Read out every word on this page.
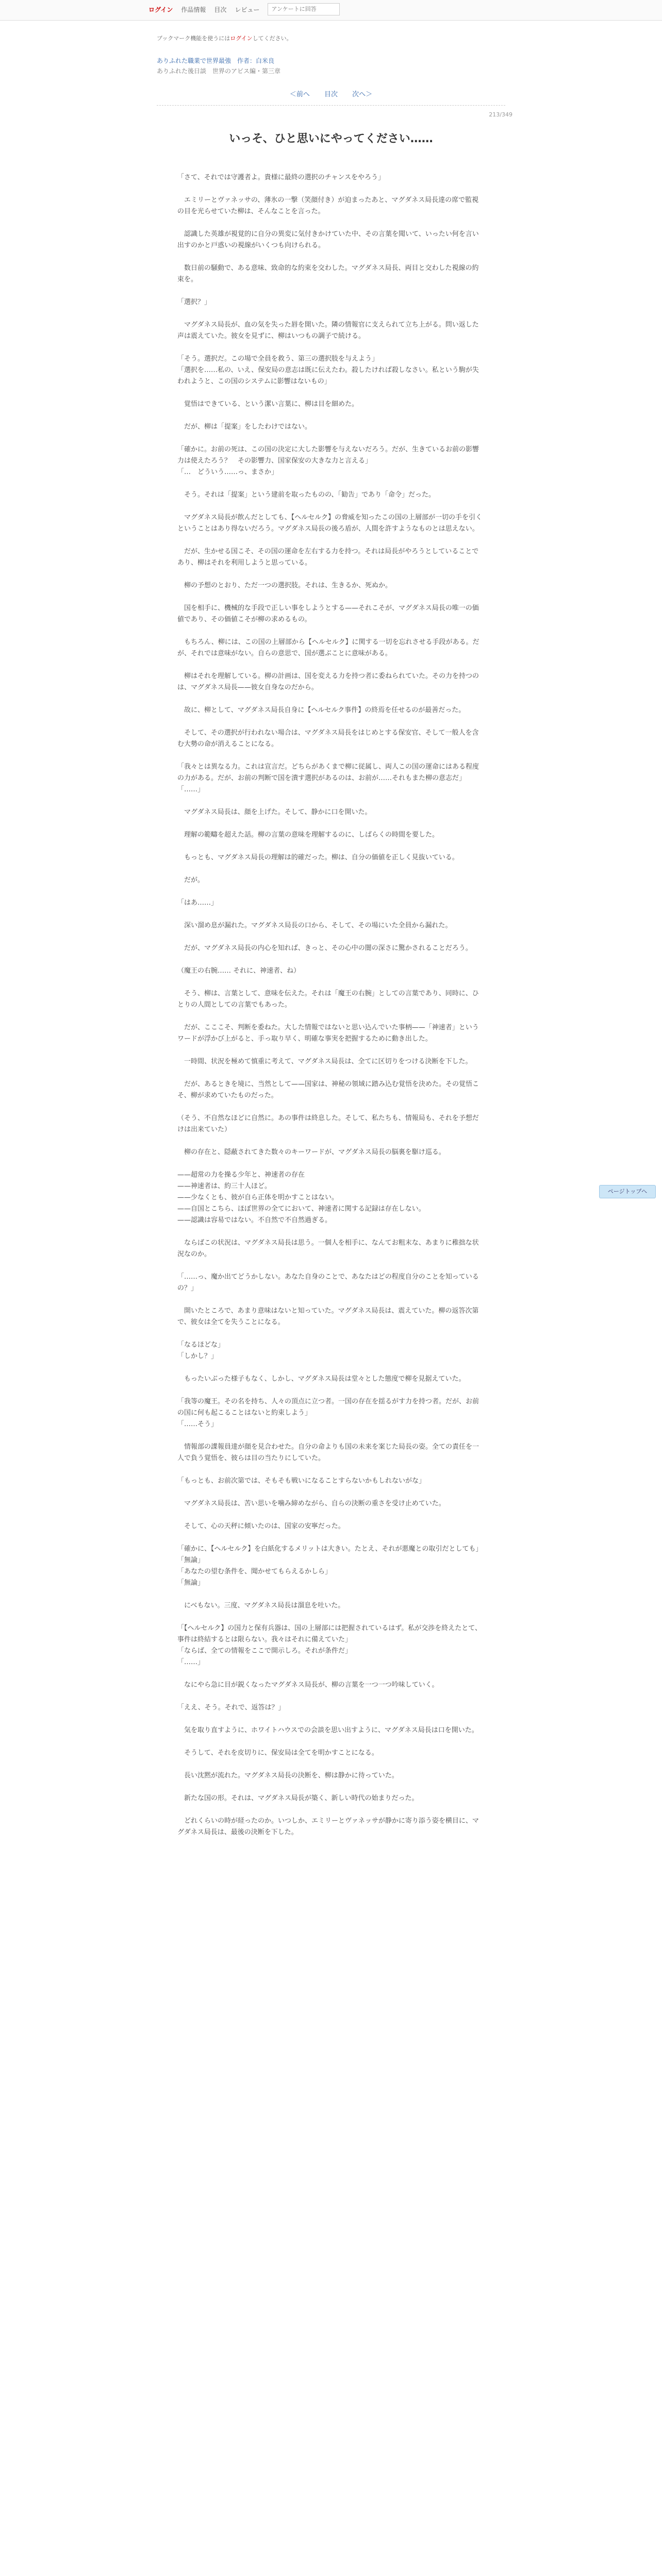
ログイン 作品情報 目次 レビュー
アンケートに回答
ブックマーク機能を使うにはログインしてください。
ありふれた職業で世界最強　 作者：白米良
ありふれた後日談　世界のアビス編・第三章
＜前へ 目次 次へ＞
213/349
いっそ、ひと思いにやってください……

「さて、それでは守護者よ。貴様に最終の選択のチャンスをやろう」

エミリーとヴァネッサの、薄氷の一撃（笑顔付き）が迫まったあと、マグダネス局長達の席で監視の目を光らせていた柳は、そんなことを言った。

認識した英雄が視覚的に自分の異変に気付きかけていた中、その言葉を聞いて、いったい何を言い出すのかと戸惑いの視線がいくつも向けられる。

数日前の騒動で、ある意味、致命的な約束を交わした。マグダネス局長、両目と交わした視線の約束を。

「選択？」

マグダネス局長が、血の気を失った唇を開いた。隣の情報官に支えられて立ち上がる。問い返した声は震えていた。彼女を見ずに、柳はいつもの調子で続ける。

「そう。選択だ。この場で全員を救う、第三の選択肢を与えよう」
「選択を……私の、いえ、保安局の意志は既に伝えたわ。殺したければ殺しなさい。私という駒が失われようと、この国のシステムに影響はないもの」

覚悟はできている、という潔い言葉に、柳は目を細めた。

だが、柳は「提案」をしたわけではない。

「確かに。お前の死は、この国の決定に大した影響を与えないだろう。だが、生きているお前の影響力は使えたろう？　その影響力、国家保安の大きな力と言える」
「…　どういう……っ、まさか」

そう。それは「提案」という建前を取ったものの、「勧告」であり「命令」だった。

マグダネス局長が飲んだとしても、【ヘルセルク】の脅威を知ったこの国の上層部が一切の手を引くということはあり得ないだろう。マグダネス局長の後ろ盾が、人間を許すようなものとは思えない。

だが、生かせる国こそ、その国の運命を左右する力を持つ。それは局長がやろうとしていることであり、柳はそれを利用しようと思っている。

柳の予想のとおり、ただ一つの選択肢。それは、生きるか、死ぬか。

国を相手に、機械的な手段で正しい事をしようとする——それこそが、マグダネス局長の唯一の価値であり、その価値こそが柳の求めるもの。

もちろん、柳には、この国の上層部から【ヘルセルク】に関する一切を忘れさせる手段がある。だが、それでは意味がない。自らの意思で、国が選ぶことに意味がある。

柳はそれを理解している。柳の計画は、国を変える力を持つ者に委ねられていた。その力を持つのは、マグダネス局長——彼女自身なのだから。

故に、柳として、マグダネス局長自身に【ヘルセルク事件】の終焉を任せるのが最善だった。

そして、その選択が行われない場合は、マグダネス局長をはじめとする保安官、そして一般人を含む大勢の命が消えることになる。

「我々とは異なる力。これは宣言だ。どちらがあくまで柳に従属し、両人この国の運命にはある程度の力がある。だが、お前の判断で国を潰す選択があるのは、お前が……それもまた柳の意志だ」
「……」

マグダネス局長は、顔を上げた。そして、静かに口を開いた。

理解の範疇を超えた話。柳の言葉の意味を理解するのに、しばらくの時間を要した。

もっとも、マグダネス局長の理解は的確だった。柳は、自分の価値を正しく見抜いている。

だが。

「はあ……」

深い溜め息が漏れた。マグダネス局長の口から、そして、その場にいた全員から漏れた。

だが、マグダネス局長の内心を知れば、きっと、その心中の闇の深さに驚かされることだろう。

（魔王の右腕…… それに、神速者、ね）

そう、柳は、言葉として、意味を伝えた。それは「魔王の右腕」としての言葉であり、同時に、ひとりの人間としての言葉でもあった。

だが、こここそ、判断を委ねた。大した情報ではないと思い込んでいた事柄——「神速者」というワードが浮かび上がると、手っ取り早く、明確な事実を把握するために動き出した。

一時間、状況を極めて慎重に考えて、マグダネス局長は、全てに区切りをつける決断を下した。

だが、あるときを境に、当然として——国家は、神秘の領域に踏み込む覚悟を決めた。その覚悟こそ、柳が求めていたものだった。

（そう、不自然なほどに自然に。あの事件は終息した。そして、私たちも、情報局も、それを予想だけは出来ていた）

柳の存在と、隠蔽されてきた数々のキーワードが、マグダネス局長の脳裏を駆け巡る。

——超常の力を操る少年と、神速者の存在
——神速者は、約三十人ほど。
——少なくとも、彼が自ら正体を明かすことはない。
——自国とこちら、ほぼ世界の全てにおいて、神速者に関する記録は存在しない。
——認識は容易ではない。不自然で不自然過ぎる。

ならばこの状況は、マグダネス局長は思う。一個人を相手に、なんてお粗末な、あまりに稚拙な状況なのか。

「……っ、魔か出てどうかしない。あなた自身のことで、あなたはどの程度自分のことを知っているの？」

開いたところで、あまり意味はないと知っていた。マグダネス局長は、震えていた。柳の返答次第で、彼女は全てを失うことになる。

「なるほどな」
「しかし？」

もったいぶった様子もなく、しかし、マグダネス局長は堂々とした態度で柳を見据えていた。

「我等の魔王。その名を持ち、人々の頂点に立つ者。一国の存在を揺るがす力を持つ者。だが、お前の国に何も起こることはないと約束しよう」
「……そう」

情報部の諜報員達が顔を見合わせた。自分の命よりも国の未来を案じた局長の姿。全ての責任を一人で負う覚悟を、彼らは目の当たりにしていた。

「もっとも、お前次第では、そもそも戦いになることすらないかもしれないがな」

マグダネス局長は、苦い思いを噛み締めながら、自らの決断の重さを受け止めていた。

そして、心の天秤に傾いたのは、国家の安寧だった。

「確かに、【ヘルセルク】を白紙化するメリットは大きい。たとえ、それが悪魔との取引だとしても」
「無論」
「あなたの望む条件を、聞かせてもらえるかしら」
「無論」

にべもない。三度、マグダネス局長は溜息を吐いた。

「【ヘルセルク】の国力と保有兵器は、国の上層部には把握されているはず。私が交渉を終えたとて、事件は終結するとは限らない。我々はそれに備えていた」
「ならば、全ての情報をここで開示しろ。それが条件だ」
「……」

なにやら急に目が鋭くなったマグダネス局長が、柳の言葉を一つ一つ吟味していく。

「ええ、そう。それで、返答は？」

気を取り直すように、ホワイトハウスでの会談を思い出すように、マグダネス局長は口を開いた。

そうして、それを皮切りに、保安局は全てを明かすことになる。

長い沈黙が流れた。マグダネス局長の決断を、柳は静かに待っていた。

新たな国の形。それは、マグダネス局長が築く、新しい時代の始まりだった。

どれくらいの時が経ったのか。いつしか、エミリーとヴァネッサが静かに寄り添う姿を横目に、マグダネス局長は、最後の決断を下した。

ページトップへ
